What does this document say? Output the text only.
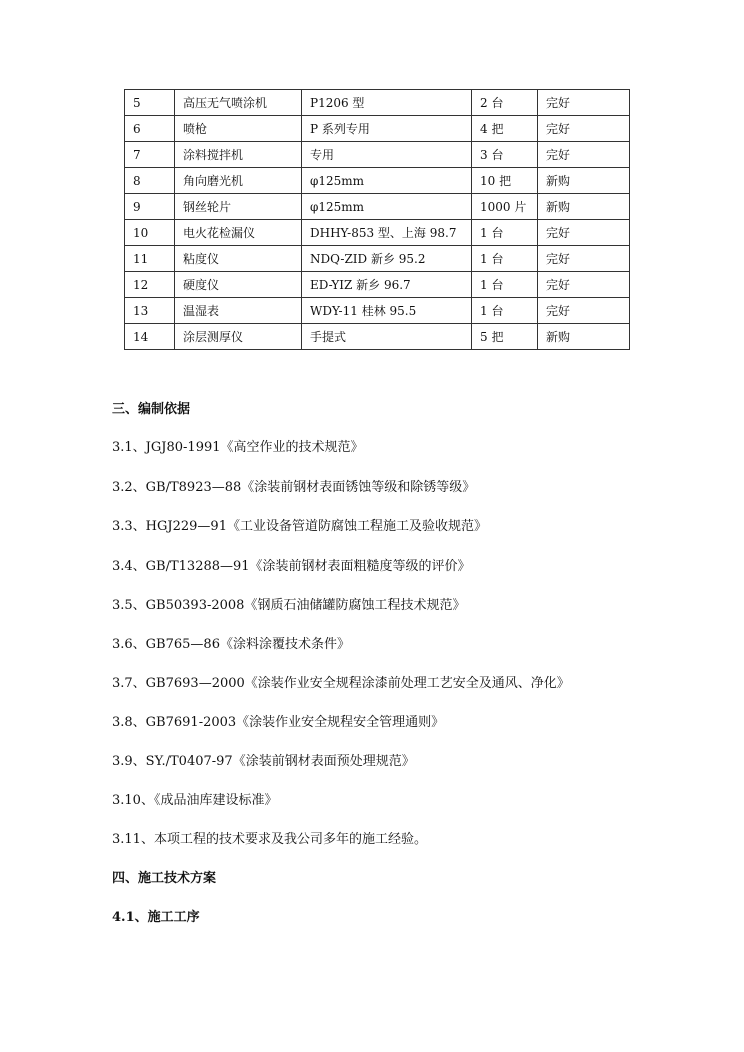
5	高压无气喷涂机	P1206 型	2 台	完好
6	喷枪	P 系列专用	4 把	完好
7	涂料搅拌机	专用	3 台	完好
8	角向磨光机	φ125mm	10 把	新购
9	钢丝轮片	φ125mm	1000 片	新购
10	电火花检漏仪	DHHY-853 型、上海 98.7	1 台	完好
11	粘度仪	NDQ-ZID 新乡 95.2	1 台	完好
12	硬度仪	ED-YIZ 新乡 96.7	1 台	完好
13	温湿表	WDY-11 桂林 95.5	1 台	完好
14	涂层测厚仪	手提式	5 把	新购
三、编制依据
3.1、JGJ80-1991《高空作业的技术规范》
3.2、GB/T8923—88《涂装前钢材表面锈蚀等级和除锈等级》
3.3、HGJ229—91《工业设备管道防腐蚀工程施工及验收规范》
3.4、GB/T13288—91《涂装前钢材表面粗糙度等级的评价》
3.5、GB50393-2008《钢质石油储罐防腐蚀工程技术规范》
3.6、GB765—86《涂料涂覆技术条件》
3.7、GB7693—2000《涂装作业安全规程涂漆前处理工艺安全及通风、净化》
3.8、GB7691-2003《涂装作业安全规程安全管理通则》
3.9、SY./T0407-97《涂装前钢材表面预处理规范》
3.10、《成品油库建设标准》
3.11、本项工程的技术要求及我公司多年的施工经验。
四、施工技术方案
4.1、施工工序
